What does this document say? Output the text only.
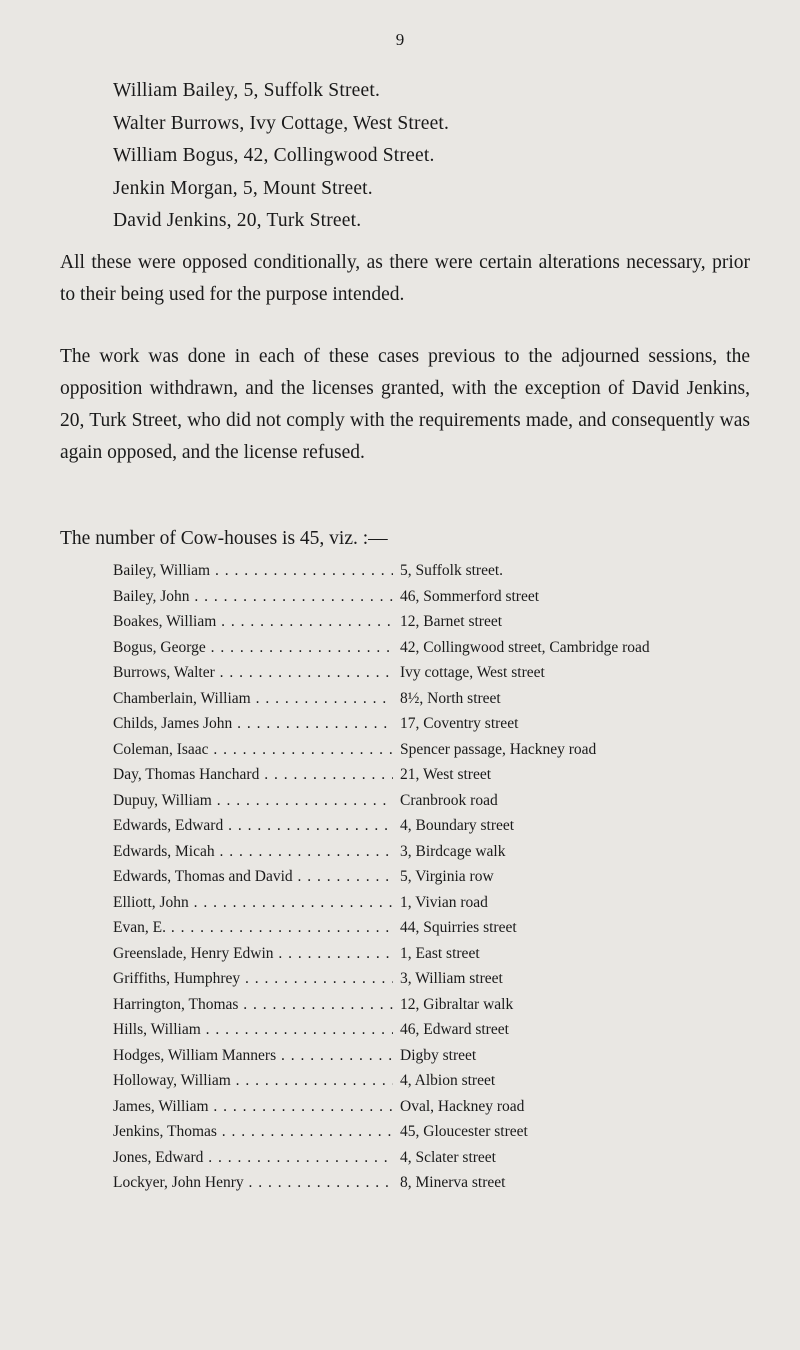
9
William Bailey, 5, Suffolk Street.
Walter Burrows, Ivy Cottage, West Street.
William Bogus, 42, Collingwood Street.
Jenkin Morgan, 5, Mount Street.
David Jenkins, 20, Turk Street.

All these were opposed conditionally, as there were certain alterations necessary, prior to their being used for the purpose intended.

The work was done in each of these cases previous to the adjourned sessions, the opposition withdrawn, and the licenses granted, with the exception of David Jenkins, 20, Turk Street, who did not comply with the requirements made, and consequently was again opposed, and the license refused.

The number of Cow-houses is 45, viz. :—

Bailey, William . . .	5, Suffolk street.
Bailey, John . . .	46, Sommerford street
Boakes, William . . .	12, Barnet street
Bogus, George . . .	42, Collingwood street, Cambridge road
Burrows, Walter . . .	Ivy cottage, West street
Chamberlain, William . . .	8½, North street
Childs, James John . . .	17, Coventry street
Coleman, Isaac . . .	Spencer passage, Hackney road
Day, Thomas Hanchard . . .	21, West street
Dupuy, William . . .	Cranbrook road
Edwards, Edward . . .	4, Boundary street
Edwards, Micah . . .	3, Birdcage walk
Edwards, Thomas and David . . .	5, Virginia row
Elliott, John . . .	1, Vivian road
Evan, E. . . .	44, Squirries street
Greenslade, Henry Edwin . . .	1, East street
Griffiths, Humphrey . . .	3, William street
Harrington, Thomas . . .	12, Gibraltar walk
Hills, William . . .	46, Edward street
Hodges, William Manners . . .	Digby street
Holloway, William . . .	4, Albion street
James, William . . .	Oval, Hackney road
Jenkins, Thomas . . .	45, Gloucester street
Jones, Edward . . .	4, Sclater street
Lockyer, John Henry . . .	8, Minerva street
